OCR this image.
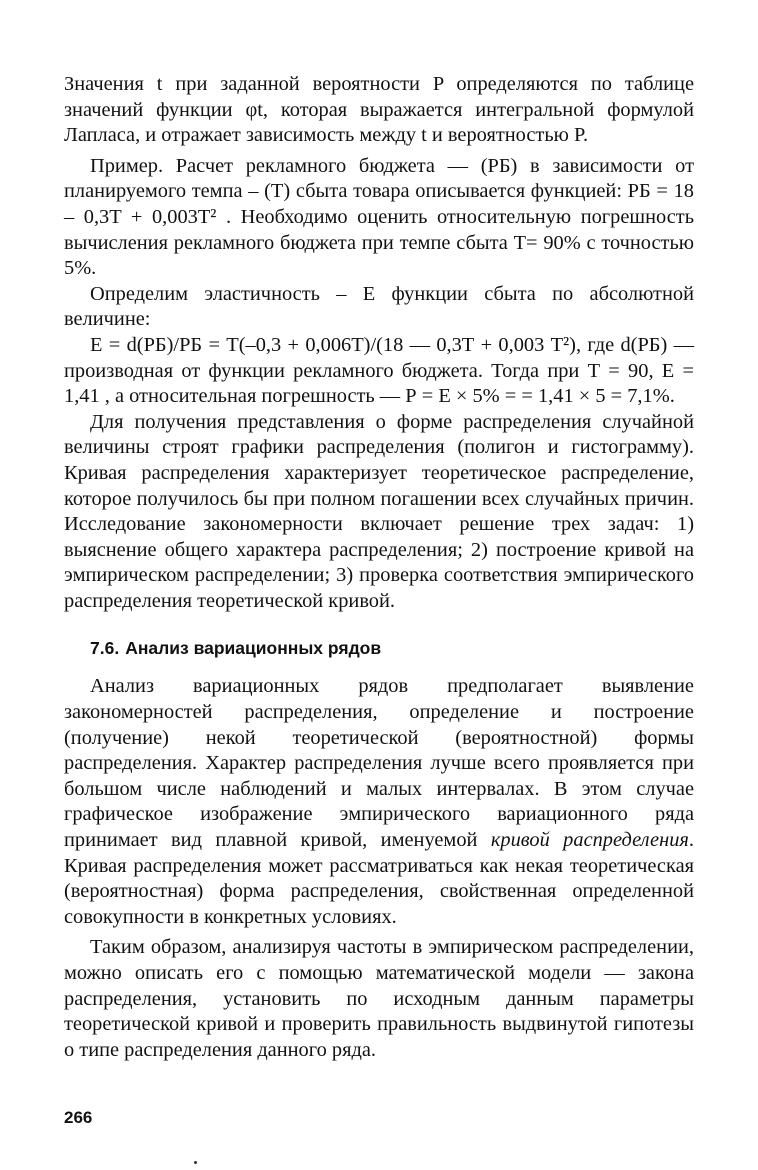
Значения t при заданной вероятности P определяются по таблице значений функции φt, которая выражается интегральной формулой Лапласа, и отражает зависимость между t и вероятностью P.

Пример. Расчет рекламного бюджета — (РБ) в зависимости от планируемого темпа – (Т) сбыта товара описывается функцией: РБ = 18 – 0,3T + 0,003T² . Необходимо оценить относительную погрешность вычисления рекламного бюджета при темпе сбыта Т= 90% с точностью 5%.

Определим эластичность – Е функции сбыта по абсолютной величине:

Е = d(РБ)/РБ = Т(–0,3 + 0,006Т)/(18 — 0,3Т + 0,003 Т²), где d(РБ) — производная от функции рекламного бюджета. Тогда при Т = 90, Е = 1,41 , а относительная погрешность — Р = Е × 5% = = 1,41 × 5 = 7,1%.

Для получения представления о форме распределения случайной величины строят графики распределения (полигон и гистограмму). Кривая распределения характеризует теоретическое распределение, которое получилось бы при полном погашении всех случайных причин. Исследование закономерности включает решение трех задач: 1) выяснение общего характера распределения; 2) построение кривой на эмпирическом распределении; 3) проверка соответствия эмпирического распределения теоретической кривой.

7.6. Анализ вариационных рядов

Анализ вариационных рядов предполагает выявление закономерностей распределения, определение и построение (получение) некой теоретической (вероятностной) формы распределения. Характер распределения лучше всего проявляется при большом числе наблюдений и малых интервалах. В этом случае графическое изображение эмпирического вариационного ряда принимает вид плавной кривой, именуемой кривой распределения. Кривая распределения может рассматриваться как некая теоретическая (вероятностная) форма распределения, свойственная определенной совокупности в конкретных условиях.

Таким образом, анализируя частоты в эмпирическом распределении, можно описать его с помощью математической модели — закона распределения, установить по исходным данным параметры теоретической кривой и проверить правильность выдвинутой гипотезы о типе распределения данного ряда.

266
